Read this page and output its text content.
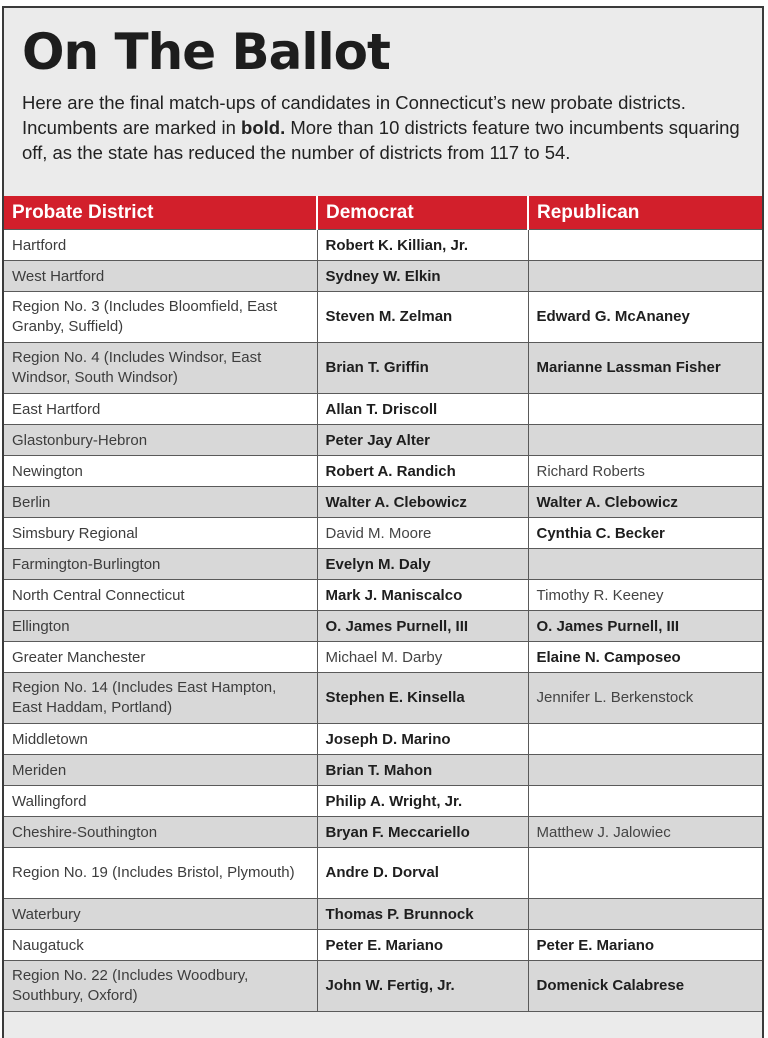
On The Ballot

Here are the final match-ups of candidates in Connecticut’s new probate districts. Incumbents are marked in bold. More than 10 districts feature two incumbents squaring off, as the state has reduced the number of districts from 117 to 54.

Probate District	Democrat	Republican
Hartford	Robert K. Killian, Jr.	
West Hartford	Sydney W. Elkin	
Region No. 3 (Includes Bloomfield, East Granby, Suffield)	Steven M. Zelman	Edward G. McAnaney
Region No. 4 (Includes Windsor, East Windsor, South Windsor)	Brian T. Griffin	Marianne Lassman Fisher
East Hartford	Allan T. Driscoll	
Glastonbury-Hebron	Peter Jay Alter	
Newington	Robert A. Randich	Richard Roberts
Berlin	Walter A. Clebowicz	Walter A. Clebowicz
Simsbury Regional	David M. Moore	Cynthia C. Becker
Farmington-Burlington	Evelyn M. Daly	
North Central Connecticut	Mark J. Maniscalco	Timothy R. Keeney
Ellington	O. James Purnell, III	O. James Purnell, III
Greater Manchester	Michael M. Darby	Elaine N. Camposeo
Region No. 14 (Includes East Hampton, East Haddam, Portland)	Stephen E. Kinsella	Jennifer L. Berkenstock
Middletown	Joseph D. Marino	
Meriden	Brian T. Mahon	
Wallingford	Philip A. Wright, Jr.	
Cheshire-Southington	Bryan F. Meccariello	Matthew J. Jalowiec
Region No. 19 (Includes Bristol, Plymouth)	Andre D. Dorval	
Waterbury	Thomas P. Brunnock	
Naugatuck	Peter E. Mariano	Peter E. Mariano
Region No. 22 (Includes Woodbury, Southbury, Oxford)	John W. Fertig, Jr.	Domenick Calabrese
